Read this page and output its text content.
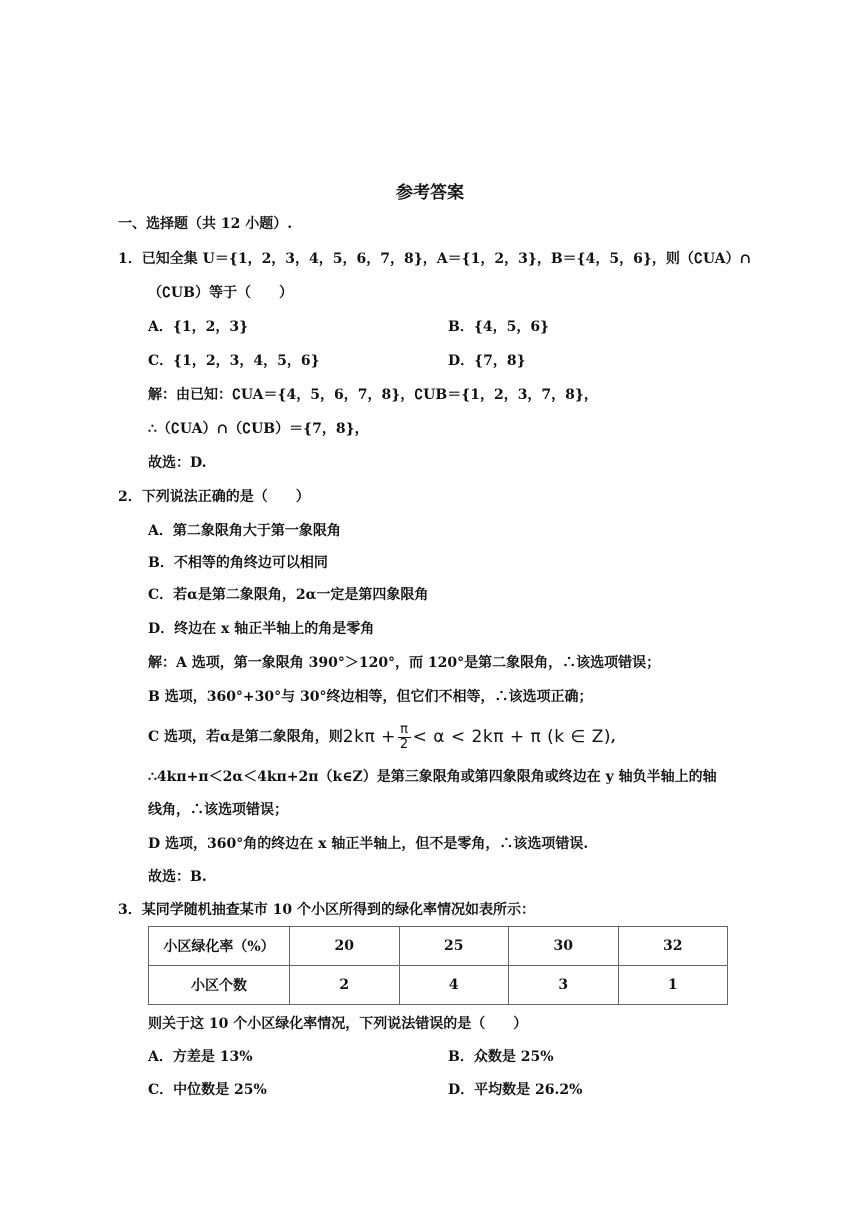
参考答案
一、选择题（共 12 小题）.
1．已知全集 U＝{1，2，3，4，5，6，7，8}，A＝{1，2，3}，B＝{4，5，6}，则（∁UA）∩
（∁UB）等于（　　）
A．{1，2，3}	B．{4，5，6}
C．{1，2，3，4，5，6}	D．{7，8}
解：由已知：∁UA＝{4，5，6，7，8}，∁UB＝{1，2，3，7，8}，
∴（∁UA）∩（∁UB）＝{7，8}，
故选：D.
2．下列说法正确的是（　　）
A．第二象限角大于第一象限角
B．不相等的角终边可以相同
C．若α是第二象限角，2α一定是第四象限角
D．终边在 x 轴正半轴上的角是零角
解：A 选项，第一象限角 390°＞120°，而 120°是第二象限角，∴该选项错误；
B 选项，360°+30°与 30°终边相等，但它们不相等，∴该选项正确；
C 选项，若α是第二象限角，则$2k\pi + \frac{\pi}{2} < \alpha < 2k\pi + \pi$ (k ∈ Z),
∴4kπ+π＜2α＜4kπ+2π（k∈Z）是第三象限角或第四象限角或终边在 y 轴负半轴上的轴
线角，∴该选项错误；
D 选项，360°角的终边在 x 轴正半轴上，但不是零角，∴该选项错误.
故选：B.
3．某同学随机抽查某市 10 个小区所得到的绿化率情况如表所示：
小区绿化率（%）	20	25	30	32
小区个数	2	4	3	1
则关于这 10 个小区绿化率情况，下列说法错误的是（　　）
A．方差是 13%	B．众数是 25%
C．中位数是 25%	D．平均数是 26.2%
